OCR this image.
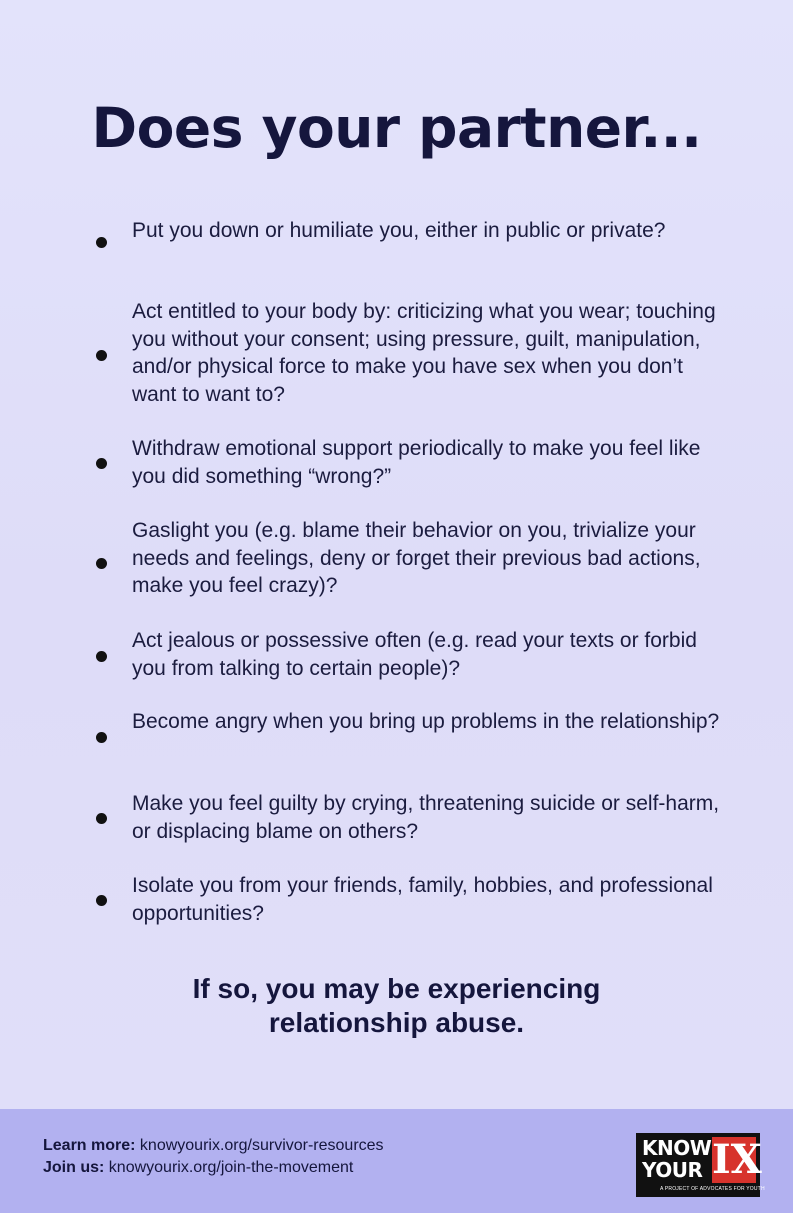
Does your partner...
Put you down or humiliate you, either in public or private?
Act entitled to your body by: criticizing what you wear; touching you without your consent; using pressure, guilt, manipulation, and/or physical force to make you have sex when you don’t want to want to?
Withdraw emotional support periodically to make you feel like you did something “wrong?”
Gaslight you (e.g. blame their behavior on you, trivialize your needs and feelings, deny or forget their previous bad actions, make you feel crazy)?
Act jealous or possessive often (e.g. read your texts or forbid you from talking to certain people)?
Become angry when you bring up problems in the relationship?
Make you feel guilty by crying, threatening suicide or self-harm, or displacing blame on others?
Isolate you from your friends, family, hobbies, and professional opportunities?
If so, you may be experiencing
relationship abuse.
Learn more: knowyourix.org/survivor-resources
Join us: knowyourix.org/join-the-movement
KNOW
YOUR IX
A PROJECT OF ADVOCATES FOR YOUTH
